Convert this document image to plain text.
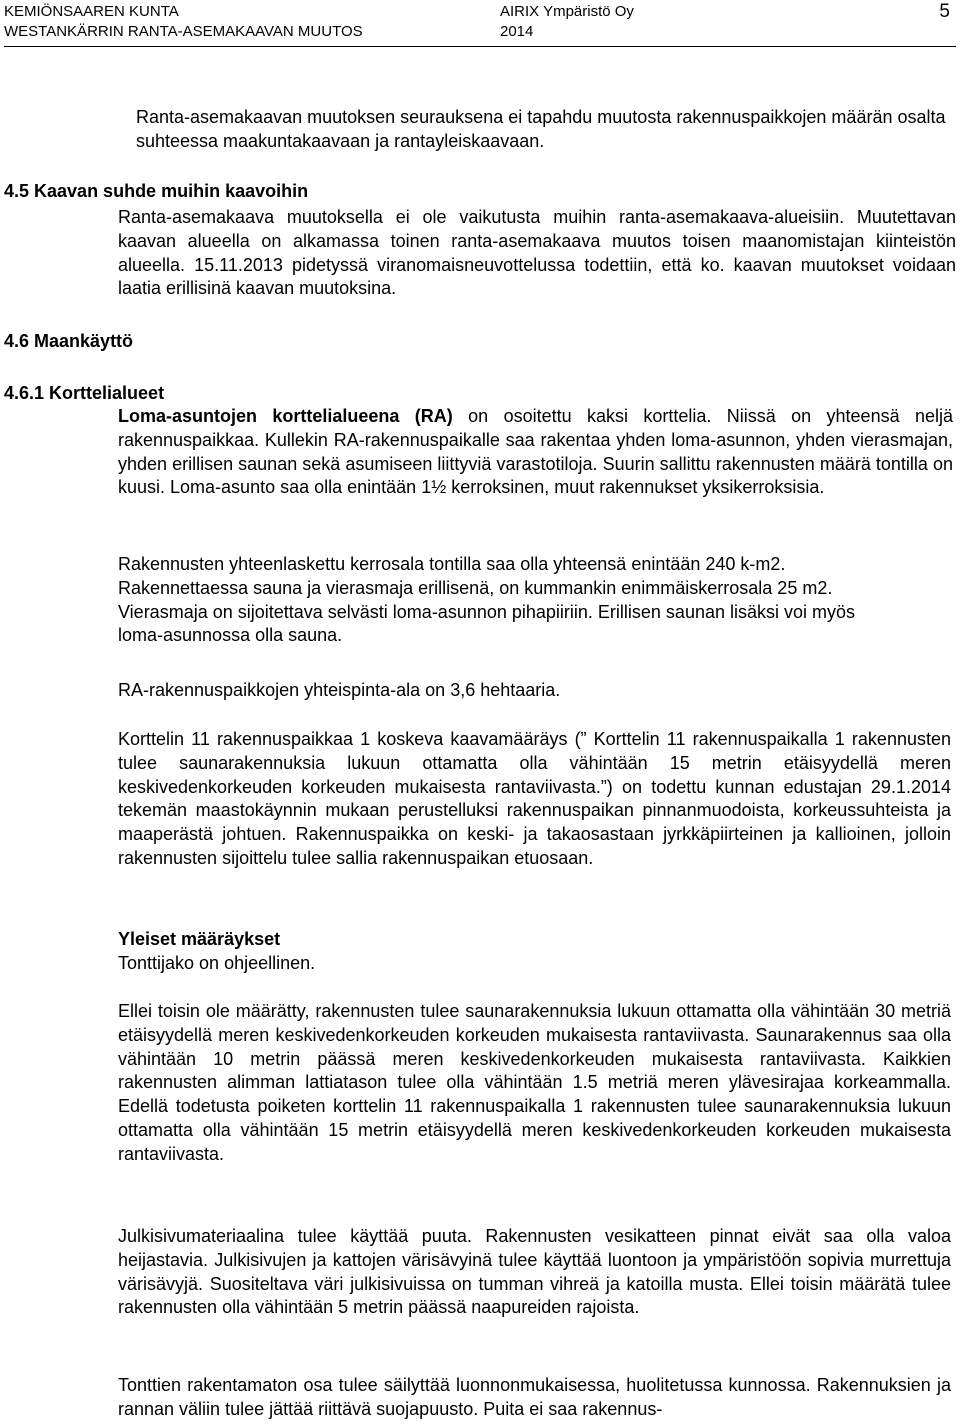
KEMIÖNSAAREN KUNTA
WESTANKÄRRIN RANTA-ASEMAKAAVAN MUUTOS
AIRIX Ympäristö Oy
2014
5

Ranta-asemakaavan muutoksen seurauksena ei tapahdu muutosta rakennuspaikkojen määrän osalta suhteessa maakuntakaavaan ja rantayleiskaavaan.

4.5 Kaavan suhde muihin kaavoihin

Ranta-asemakaava muutoksella ei ole vaikutusta muihin ranta-asemakaava-alueisiin. Muutettavan kaavan alueella on alkamassa toinen ranta-asemakaava muutos toisen maanomistajan kiinteistön alueella. 15.11.2013 pidetyssä viranomaisneuvottelussa todettiin, että ko. kaavan muutokset voidaan laatia erillisinä kaavan muutoksina.

4.6 Maankäyttö
4.6.1 Korttelialueet

Loma-asuntojen korttelialueena (RA) on osoitettu kaksi korttelia. Niissä on yhteensä neljä rakennuspaikkaa. Kullekin RA-rakennuspaikalle saa rakentaa yhden loma-asunnon, yhden vierasmajan, yhden erillisen saunan sekä asumiseen liittyviä varastotiloja. Suurin sallittu rakennusten määrä tontilla on kuusi. Loma-asunto saa olla enintään 1½ kerroksinen, muut rakennukset yksikerroksisia.

Rakennusten yhteenlaskettu kerrosala tontilla saa olla yhteensä enintään 240 k-m2. Rakennettaessa sauna ja vierasmaja erillisenä, on kummankin enimmäiskerrosala 25 m2. Vierasmaja on sijoitettava selvästi loma-asunnon pihapiiriin. Erillisen saunan lisäksi voi myös loma-asunnossa olla sauna.

RA-rakennuspaikkojen yhteispinta-ala on 3,6 hehtaaria.

Korttelin 11 rakennuspaikkaa 1 koskeva kaavamääräys (” Korttelin 11 rakennuspaikalla 1 rakennusten tulee saunarakennuksia lukuun ottamatta olla vähintään 15 metrin etäisyydellä meren keskivedenkorkeuden korkeuden mukaisesta rantaviivasta.”) on todettu kunnan edustajan 29.1.2014 tekemän maastokäynnin mukaan perustelluksi rakennuspaikan pinnanmuodoista, korkeussuhteista ja maaperästä johtuen. Rakennuspaikka on keski- ja takaosastaan jyrkkäpiirteinen ja kallioinen, jolloin rakennusten sijoittelu tulee sallia rakennuspaikan etuosaan.

Yleiset määräykset

Tonttijako on ohjeellinen.

Ellei toisin ole määrätty, rakennusten tulee saunarakennuksia lukuun ottamatta olla vähintään 30 metriä etäisyydellä meren keskivedenkorkeuden korkeuden mukaisesta rantaviivasta. Saunarakennus saa olla vähintään 10 metrin päässä meren keskivedenkorkeuden mukaisesta rantaviivasta. Kaikkien rakennusten alimman lattiatason tulee olla vähintään 1.5 metriä meren ylävesirajaa korkeammalla. Edellä todetusta poiketen korttelin 11 rakennuspaikalla 1 rakennusten tulee saunarakennuksia lukuun ottamatta olla vähintään 15 metrin etäisyydellä meren keskivedenkorkeuden korkeuden mukaisesta rantaviivasta.

Julkisivumateriaalina tulee käyttää puuta. Rakennusten vesikatteen pinnat eivät saa olla valoa heijastavia. Julkisivujen ja kattojen värisävyinä tulee käyttää luontoon ja ympäristöön sopivia murrettuja värisävyjä. Suositeltava väri julkisivuissa on tumman vihreä ja katoilla musta. Ellei toisin määrätä tulee rakennusten olla vähintään 5 metrin päässä naapureiden rajoista.

Tonttien rakentamaton osa tulee säilyttää luonnonmukaisessa, huolitetussa kunnossa. Rakennuksien ja rannan väliin tulee jättää riittävä suojapuusto. Puita ei saa rakennus-
